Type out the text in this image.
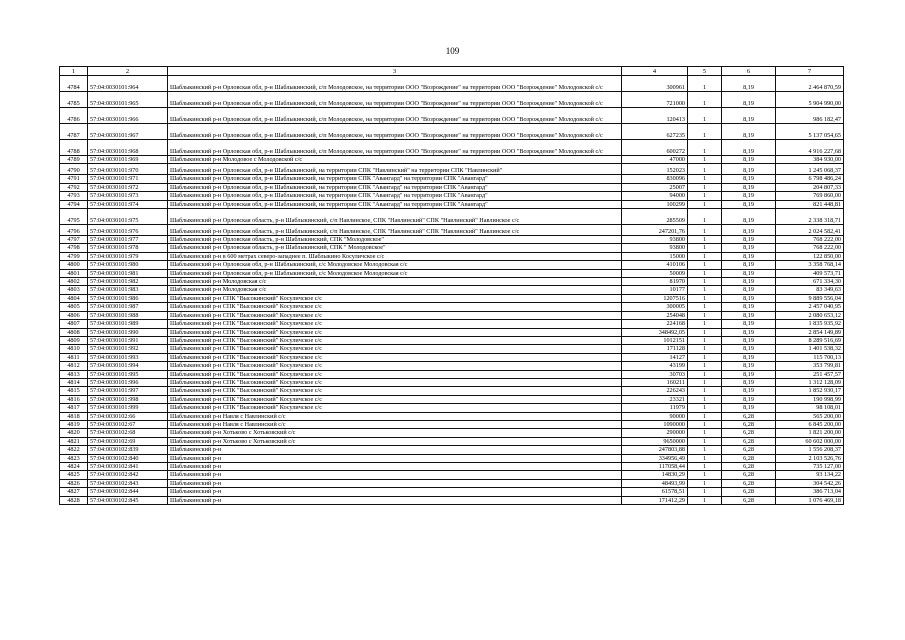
109
1	2	3	4	5	6	7
4784	57:04:0030101:964	Шаблыкинский р-н Орловская обл, р-н Шаблыкинский, с/п Молодовское, на территории ООО "Возрождение" на территории ООО "Возрождение" Молодовской с/с	300961	1	8,19	2 464 870,59
4785	57:04:0030101:965	Шаблыкинский р-н Орловская обл, р-н Шаблыкинский, с/п Молодовское, на территории ООО "Возрождение" на территории ООО "Возрождение" Молодовской с/с	721000	1	8,19	5 904 990,00
4786	57:04:0030101:966	Шаблыкинский р-н Орловская обл, р-н Шаблыкинский, с/п Молодовское, на территории ООО "Возрождение" на территории ООО "Возрождение" Молодовской с/с	120413	1	8,19	986 182,47
4787	57:04:0030101:967	Шаблыкинский р-н Орловская обл, р-н Шаблыкинский, с/п Молодовское, на территории ООО "Возрождение" на территории ООО "Возрождение" Молодовской с/с	627235	1	8,19	5 137 054,65
4788	57:04:0030101:968	Шаблыкинский р-н Орловская обл, р-н Шаблыкинский, с/п Молодовское, на территории ООО "Возрождение" на территории ООО "Возрождение" Молодовской с/с	600272	1	8,19	4 916 227,68
4789	57:04:0030101:969	Шаблыкинский р-н Молодовое с Молодовской с/с	47000	1	8,19	384 930,00
4790	57:04:0030101:970	Шаблыкинский р-н Орловская обл, р-н Шаблыкинский, на территории СПК "Навлинский" на территории СПК "Навлинский"	152023	1	8,19	1 245 068,37
4791	57:04:0030101:971	Шаблыкинский р-н Орловская обл, р-н Шаблыкинский, на территории СПК "Авангард" на территории СПК "Авангард"	830096	1	8,19	6 798 486,24
4792	57:04:0030101:972	Шаблыкинский р-н Орловская обл, р-н Шаблыкинский, на территории СПК "Авангард" на территории СПК "Авангард"	25007	1	8,19	204 807,33
4793	57:04:0030101:973	Шаблыкинский р-н Орловская обл, р-н Шаблыкинский, на территории СПК "Авангард" на территории СПК "Авангард"	94000	1	8,19	769 860,00
4794	57:04:0030101:974	Шаблыкинский р-н Орловская обл, р-н Шаблыкинский, на территории СПК "Авангард" на территории СПК "Авангард"	100299	1	8,19	821 448,81
4795	57:04:0030101:975	Шаблыкинский р-н Орловская область, р-н Шаблыкинский, с/п Навлинское, СПК "Навлинский" СПК "Навлинский" Навлинское с/с	285509	1	8,19	2 338 318,71
4796	57:04:0030101:976	Шаблыкинский р-н Орловская область, р-н Шаблыкинский, с/п Навлинское, СПК "Навлинский" СПК "Навлинский" Навлинское с/с	247201,76	1	8,19	2 024 582,41
4797	57:04:0030101:977	Шаблыкинский р-н Орловская область, р-н Шаблыкинский, СПК "Молодовское"	93800	1	8,19	768 222,00
4798	57:04:0030101:978	Шаблыкинский р-н Орловская область, р-н Шаблыкинский, СПК " Молодовское"	93800	1	8,19	768 222,00
4799	57:04:0030101:979	Шаблыкинский р-н в 600 метрах северо-западнее п. Шаблыкино Косуличское с/с	15000	1	8,19	122 850,00
4800	57:04:0030101:980	Шаблыкинский р-н Орловская обл, р-н Шаблыкинский, с/с Молодовское Молодовская с/с	410106	1	8,19	3 358 768,14
4801	57:04:0030101:981	Шаблыкинский р-н Орловская обл, р-н Шаблыкинский, с/с Молодовское Молодовская с/с	50009	1	8,19	409 573,71
4802	57:04:0030101:982	Шаблыкинский р-н Молодовская с/с	81970	1	8,19	671 334,30
4803	57:04:0030101:983	Шаблыкинский р-н Молодовская с/с	10177	1	8,19	83 349,63
4804	57:04:0030101:986	Шаблыкинский р-н СПК "Высокинский" Косуличское с/с	1207516	1	8,19	9 889 556,04
4805	57:04:0030101:987	Шаблыкинский р-н СПК "Высокинский" Косуличское с/с	300005	1	8,19	2 457 040,95
4806	57:04:0030101:988	Шаблыкинский р-н СПК "Высокинский" Косуличское с/с	254048	1	8,19	2 080 653,12
4807	57:04:0030101:989	Шаблыкинский р-н СПК "Высокинский" Косуличское с/с	224168	1	8,19	1 835 935,92
4808	57:04:0030101:990	Шаблыкинский р-н СПК "Высокинский" Косуличское с/с	348492,05	1	8,19	2 854 149,89
4809	57:04:0030101:991	Шаблыкинский р-н СПК "Высокинский" Косуличское с/с	1012151	1	8,19	8 289 516,69
4810	57:04:0030101:992	Шаблыкинский р-н СПК "Высокинский" Косуличское с/с	171128	1	8,19	1 401 538,32
4811	57:04:0030101:993	Шаблыкинский р-н СПК "Высокинский" Косуличское с/с	14127	1	8,19	115 700,13
4812	57:04:0030101:994	Шаблыкинский р-н СПК "Высокинский" Косуличское с/с	43199	1	8,19	353 799,81
4813	57:04:0030101:995	Шаблыкинский р-н СПК "Высокинский" Косуличское с/с	30703	1	8,19	251 457,57
4814	57:04:0030101:996	Шаблыкинский р-н СПК "Высокинский" Косуличское с/с	160211	1	8,19	1 312 128,09
4815	57:04:0030101:997	Шаблыкинский р-н СПК "Высокинский" Косуличское с/с	226243	1	8,19	1 852 930,17
4816	57:04:0030101:998	Шаблыкинский р-н СПК "Высокинский" Косуличское с/с	23321	1	8,19	190 998,99
4817	57:04:0030101:999	Шаблыкинский р-н СПК "Высокинский" Косуличское с/с	11979	1	8,19	98 108,01
4818	57:04:0030102:66	Шаблыкинский р-н Навля с Навлинский с/с	90000	1	6,28	565 200,00
4819	57:04:0030102:67	Шаблыкинский р-н Навля с Навлинский с/с	1090000	1	6,28	6 845 200,00
4820	57:04:0030102:68	Шаблыкинский р-н Хотьково с Хотьковский с/с	290000	1	6,28	1 821 200,00
4821	57:04:0030102:69	Шаблыкинский р-н Хотьково с Хотьковский с/с	9650000	1	6,28	60 602 000,00
4822	57:04:0030102:839	Шаблыкинский р-н	247803,88	1	6,28	1 556 208,37
4823	57:04:0030102:840	Шаблыкинский р-н	334956,49	1	6,28	2 103 526,76
4824	57:04:0030102:841	Шаблыкинский р-н	117058,44	1	6,28	735 127,00
4825	57:04:0030102:842	Шаблыкинский р-н	14830,29	1	6,28	93 134,22
4826	57:04:0030102:843	Шаблыкинский р-н	48493,99	1	6,28	304 542,26
4827	57:04:0030102:844	Шаблыкинский р-н	61578,51	1	6,28	386 713,04
4828	57:04:0030102:845	Шаблыкинский р-н	171412,29	1	6,28	1 076 469,18
